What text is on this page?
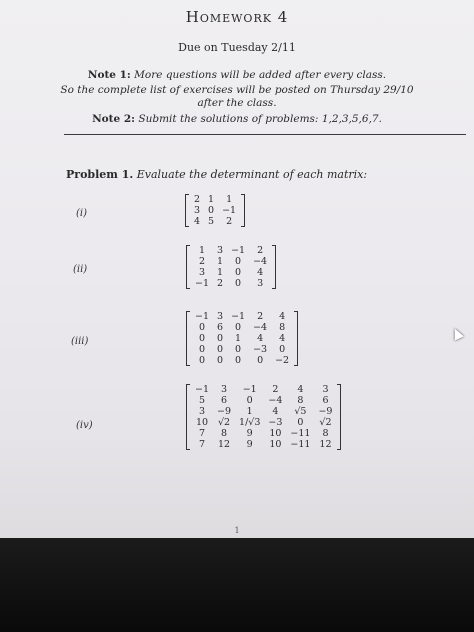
Homework 4
Due on Tuesday 2/11
Note 1: More questions will be added after every class.
So the complete list of exercises will be posted on Thursday 29/10
after the class.
Note 2: Submit the solutions of problems: 1,2,3,5,6,7.
Problem 1. Evaluate the determinant of each matrix:
(i)
2	1	1
3	0	−1
4	5	2
(ii)
1	3	−1	2
2	1	0	−4
3	1	0	4
−1	2	0	3
(iii)
−1	3	−1	2	4
0	6	0	−4	8
0	0	1	4	4
0	0	0	−3	0
0	0	0	0	−2
(iv)
−1	3	−1	2	4	3
5	6	0	−4	8	6
3	−9	1	4	√5	−9
10	√2	1/√3	−3	0	√2
7	8	9	10	−11	8
7	12	9	10	−11	12
1
